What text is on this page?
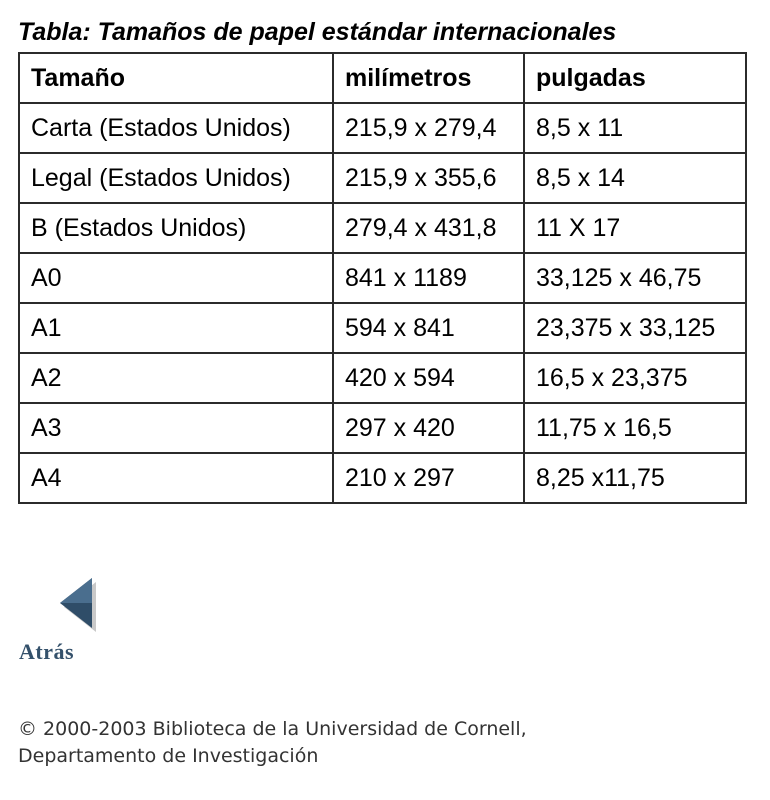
Tabla: Tamaños de papel estándar internacionales

Tamaño	milímetros	pulgadas
Carta (Estados Unidos)	215,9 x 279,4	8,5 x 11
Legal (Estados Unidos)	215,9 x 355,6	8,5 x 14
B (Estados Unidos)	279,4 x 431,8	11 X 17
A0	841 x 1189	33,125 x 46,75
A1	594 x 841	23,375 x 33,125
A2	420 x 594	16,5 x 23,375
A3	297 x 420	11,75 x 16,5
A4	210 x 297	8,25 x11,75
Atrás

© 2000-2003 Biblioteca de la Universidad de Cornell,
Departamento de Investigación
